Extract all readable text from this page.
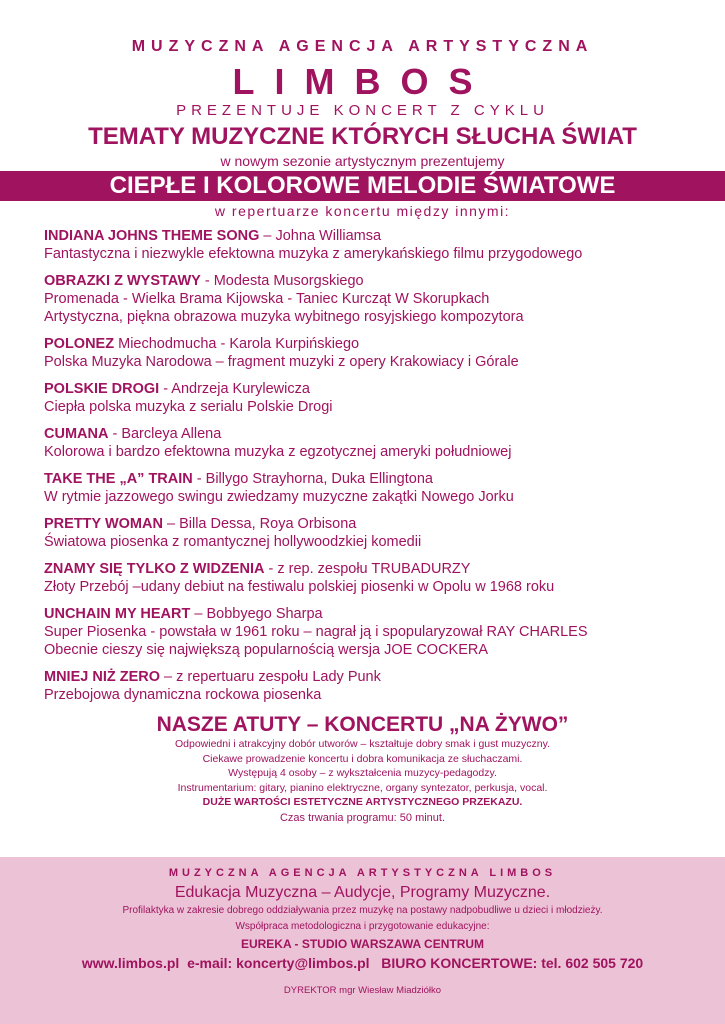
MUZYCZNA AGENCJA ARTYSTYCZNA
LIMBOS
PREZENTUJE KONCERT Z CYKLU
TEMATY MUZYCZNE KTÓRYCH SŁUCHA ŚWIAT
w nowym sezonie artystycznym prezentujemy
CIEPŁE I KOLOROWE MELODIE ŚWIATOWE
w repertuarze koncertu między innymi:
INDIANA JOHNS THEME SONG – Johna Williamsa
Fantastyczna i niezwykle efektowna muzyka z amerykańskiego filmu przygodowego
OBRAZKI Z WYSTAWY - Modesta Musorgskiego
Promenada - Wielka Brama Kijowska - Taniec Kurcząt W Skorupkach
Artystyczna, piękna obrazowa muzyka wybitnego rosyjskiego kompozytora
POLONEZ Miechodmucha - Karola Kurpińskiego
Polska Muzyka Narodowa – fragment muzyki z opery Krakowiacy i Górale
POLSKIE DROGI - Andrzeja Kurylewicza
Ciepła polska muzyka z serialu Polskie Drogi
CUMANA - Barcleya Allena
Kolorowa i bardzo efektowna muzyka z egzotycznej ameryki południowej
TAKE THE „A” TRAIN - Billygo Strayhorna, Duka Ellingtona
W rytmie jazzowego swingu zwiedzamy muzyczne zakątki Nowego Jorku
PRETTY WOMAN – Billa Dessa, Roya Orbisona
Światowa piosenka z romantycznej hollywoodzkiej komedii
ZNAMY SIĘ TYLKO Z WIDZENIA - z rep. zespołu TRUBADURZY
Złoty Przebój –udany debiut na festiwalu polskiej piosenki w Opolu w 1968 roku
UNCHAIN MY HEART – Bobbyego Sharpa
Super Piosenka - powstała w 1961 roku – nagrał ją i spopularyzował RAY CHARLES
Obecnie cieszy się największą popularnością wersja JOE COCKERA
MNIEJ NIŻ ZERO – z repertuaru zespołu Lady Punk
Przebojowa dynamiczna rockowa piosenka
NASZE ATUTY – KONCERTU „NA ŻYWO”
Odpowiedni i atrakcyjny dobór utworów – kształtuje dobry smak i gust muzyczny.
Ciekawe prowadzenie koncertu i dobra komunikacja ze słuchaczami.
Występują 4 osoby – z wykształcenia muzycy-pedagodzy.
Instrumentarium: gitary, pianino elektryczne, organy syntezator, perkusja, vocal.
DUŻE WARTOŚCI ESTETYCZNE ARTYSTYCZNEGO PRZEKAZU.
Czas trwania programu: 50 minut.
MUZYCZNA AGENCJA ARTYSTYCZNA LIMBOS
Edukacja Muzyczna – Audycje, Programy Muzyczne.
Profilaktyka w zakresie dobrego oddziaływania przez muzykę na postawy nadpobudliwe u dzieci i młodzieży.
Współpraca metodologiczna i przygotowanie edukacyjne:
EUREKA - STUDIO WARSZAWA CENTRUM
www.limbos.pl e-mail: koncerty@limbos.pl BIURO KONCERTOWE: tel. 602 505 720
DYREKTOR mgr Wiesław Miadziółko
